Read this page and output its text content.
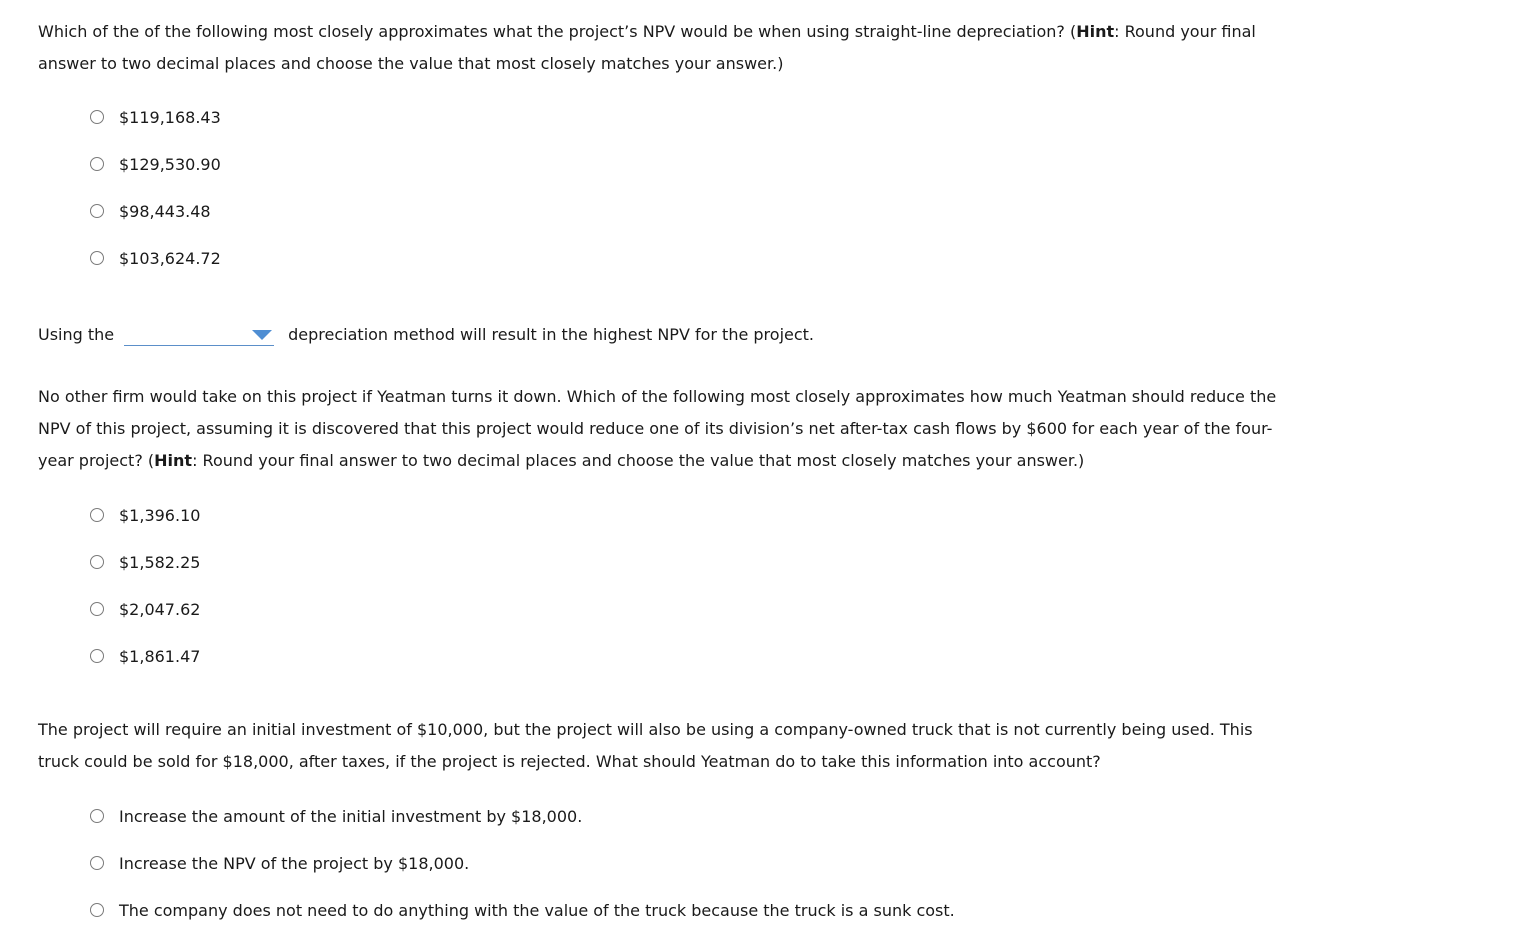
Which of the of the following most closely approximates what the project’s NPV would be when using straight-line depreciation? (Hint: Round your final answer to two decimal places and choose the value that most closely matches your answer.)

$119,168.43
$129,530.90
$98,443.48
$103,624.72
Using the	depreciation method will result in the highest NPV for the project.

No other firm would take on this project if Yeatman turns it down. Which of the following most closely approximates how much Yeatman should reduce the NPV of this project, assuming it is discovered that this project would reduce one of its division’s net after-tax cash flows by $600 for each year of the four-year project? (Hint: Round your final answer to two decimal places and choose the value that most closely matches your answer.)

$1,396.10
$1,582.25
$2,047.62
$1,861.47

The project will require an initial investment of $10,000, but the project will also be using a company-owned truck that is not currently being used. This truck could be sold for $18,000, after taxes, if the project is rejected. What should Yeatman do to take this information into account?

Increase the amount of the initial investment by $18,000.
Increase the NPV of the project by $18,000.
The company does not need to do anything with the value of the truck because the truck is a sunk cost.
